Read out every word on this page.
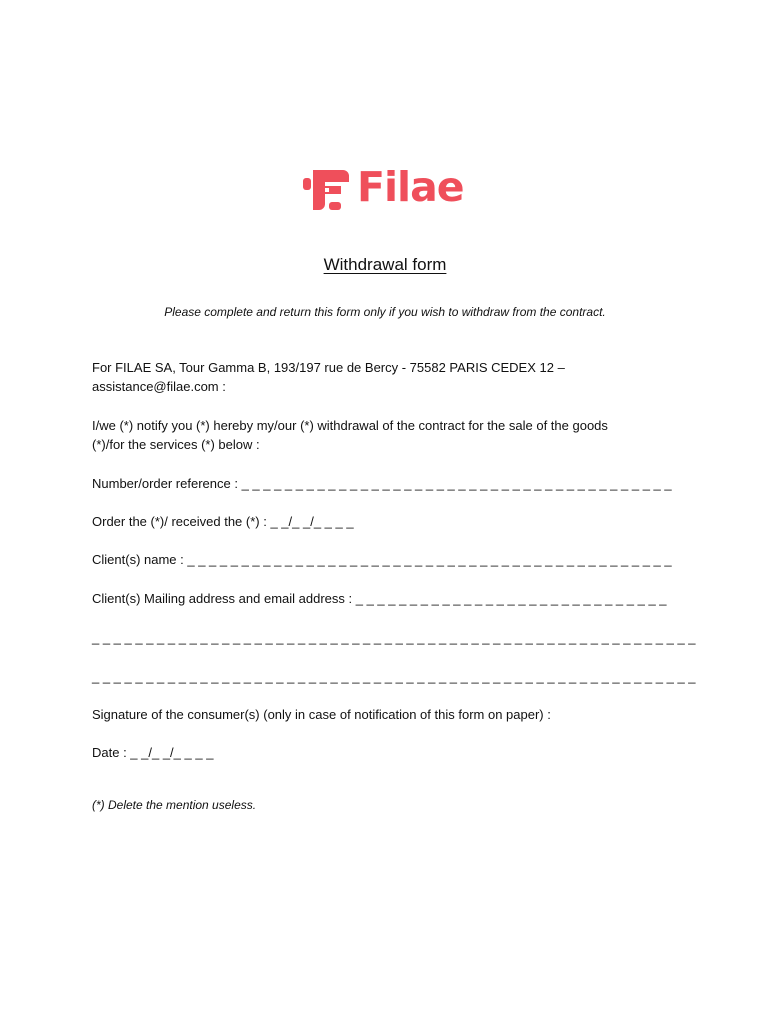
Filae
Withdrawal form
Please complete and return this form only if you wish to withdraw from the contract.
For FILAE SA, Tour Gamma B, 193/197 rue de Bercy - 75582 PARIS CEDEX 12 –
assistance@filae.com :
I/we (*) notify you (*) hereby my/our (*) withdrawal of the contract for the sale of the goods
(*)/for the services (*) below :
Number/order reference : _ _ _ _ _ _ _ _ _ _ _ _ _ _ _ _ _ _ _ _ _ _ _ _ _ _ _ _ _ _ _ _ _ _ _ _ _ _ _ _
Order the (*)/ received the (*) : _ _/_ _/_ _ _ _
Client(s) name : _ _ _ _ _ _ _ _ _ _ _ _ _ _ _ _ _ _ _ _ _ _ _ _ _ _ _ _ _ _ _ _ _ _ _ _ _ _ _ _ _ _ _ _ _
Client(s) Mailing address and email address : _ _ _ _ _ _ _ _ _ _ _ _ _ _ _ _ _ _ _ _ _ _ _ _ _ _ _ _ _
_ _ _ _ _ _ _ _ _ _ _ _ _ _ _ _ _ _ _ _ _ _ _ _ _ _ _ _ _ _ _ _ _ _ _ _ _ _ _ _ _ _ _ _ _ _ _ _ _ _ _ _ _ _ _ _
_ _ _ _ _ _ _ _ _ _ _ _ _ _ _ _ _ _ _ _ _ _ _ _ _ _ _ _ _ _ _ _ _ _ _ _ _ _ _ _ _ _ _ _ _ _ _ _ _ _ _ _ _ _ _ _
Signature of the consumer(s) (only in case of notification of this form on paper) :
Date : _ _/_ _/_ _ _ _
(*) Delete the mention useless.
